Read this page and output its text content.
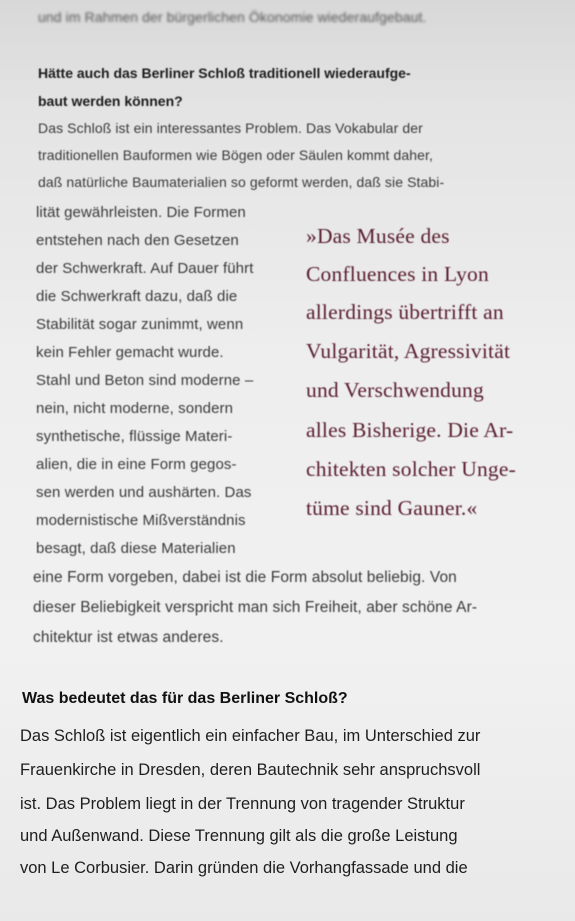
und im Rahmen der bürgerlichen Ökonomie wiederaufgebaut.
Hätte auch das Berliner Schloß traditionell wiederaufge-
baut werden können?
Das Schloß ist ein interessantes Problem. Das Vokabular der
traditionellen Bauformen wie Bögen oder Säulen kommt daher,
daß natürliche Baumaterialien so geformt werden, daß sie Stabi-
lität gewährleisten. Die Formen
entstehen nach den Gesetzen
der Schwerkraft. Auf Dauer führt
die Schwerkraft dazu, daß die
Stabilität sogar zunimmt, wenn
kein Fehler gemacht wurde.
Stahl und Beton sind moderne –
nein, nicht moderne, sondern
synthetische, flüssige Materi-
alien, die in eine Form gegos-
sen werden und aushärten. Das
modernistische Mißverständnis
besagt, daß diese Materialien
»Das Musée des
Confluences in Lyon
allerdings übertrifft an
Vulgarität, Agressivität
und Verschwendung
alles Bisherige. Die Ar-
chitekten solcher Unge-
tüme sind Gauner.«
eine Form vorgeben, dabei ist die Form absolut beliebig. Von
dieser Beliebigkeit verspricht man sich Freiheit, aber schöne Ar-
chitektur ist etwas anderes.
Was bedeutet das für das Berliner Schloß?
Das Schloß ist eigentlich ein einfacher Bau, im Unterschied zur
Frauenkirche in Dresden, deren Bautechnik sehr anspruchsvoll
ist. Das Problem liegt in der Trennung von tragender Struktur
und Außenwand. Diese Trennung gilt als die große Leistung
von Le Corbusier. Darin gründen die Vorhangfassade und die
